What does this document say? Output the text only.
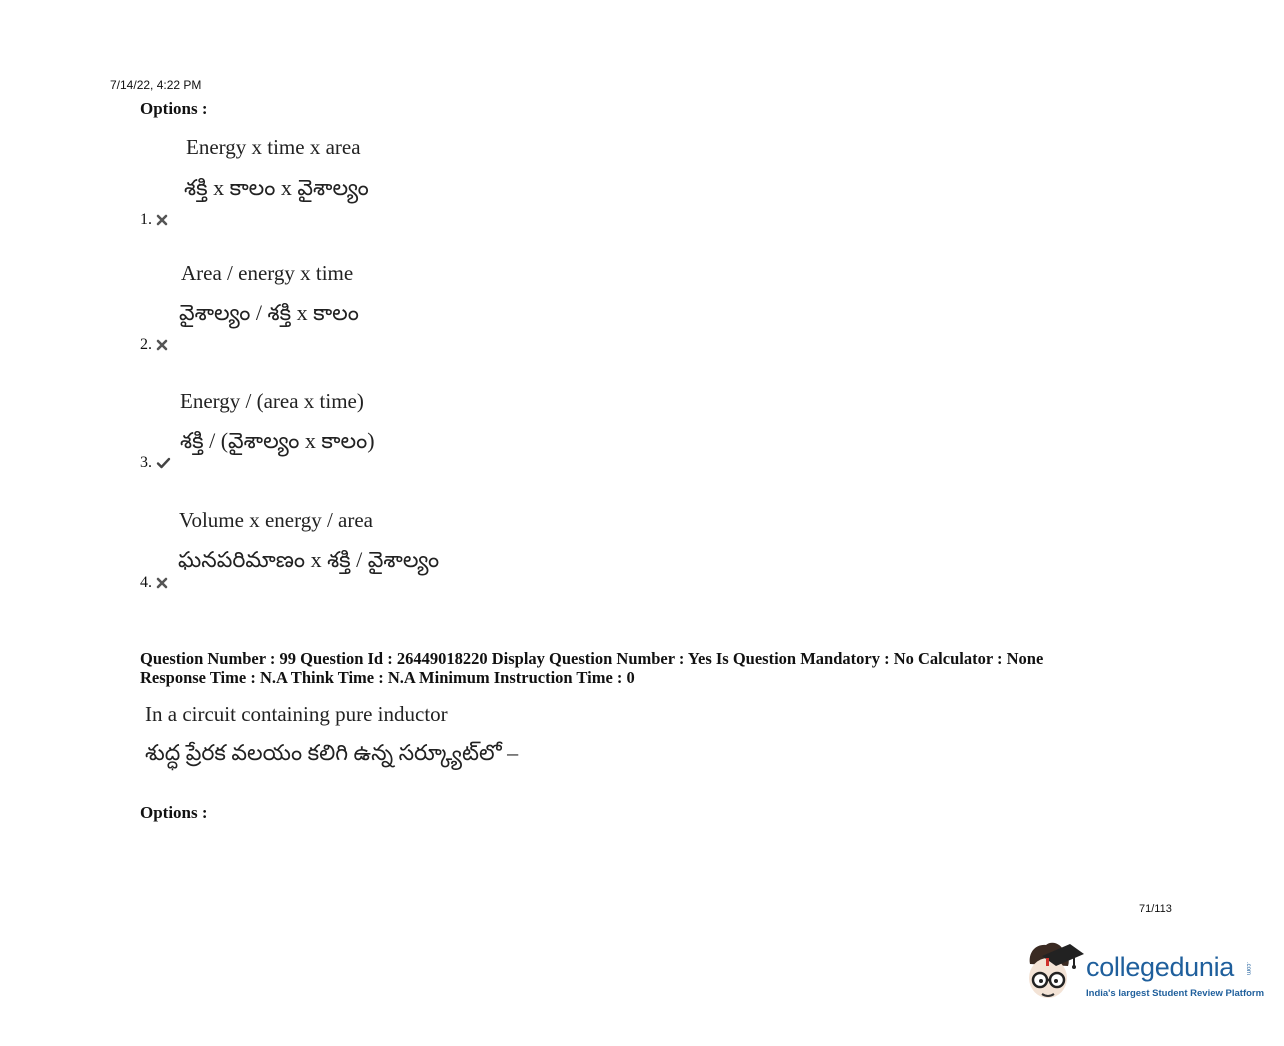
7/14/22, 4:22 PM
Options :
Energy x time x area
శక్తి x కాలం x వైశాల్యం
1.
Area / energy x time
వైశాల్యం / శక్తి x కాలం
2.
Energy / (area x time)
శక్తి / (వైశాల్యం x కాలం)
3.
Volume x energy / area
ఘనపరిమాణం x శక్తి / వైశాల్యం
4.
Question Number : 99 Question Id : 26449018220 Display Question Number : Yes Is Question Mandatory : No Calculator : None
Response Time : N.A Think Time : N.A Minimum Instruction Time : 0
In a circuit containing pure inductor
శుద్ధ ప్రేరక వలయం కలిగి ఉన్న సర్క్యూట్‌లో –
Options :
71/113
collegedunia .com
India's largest Student Review Platform
